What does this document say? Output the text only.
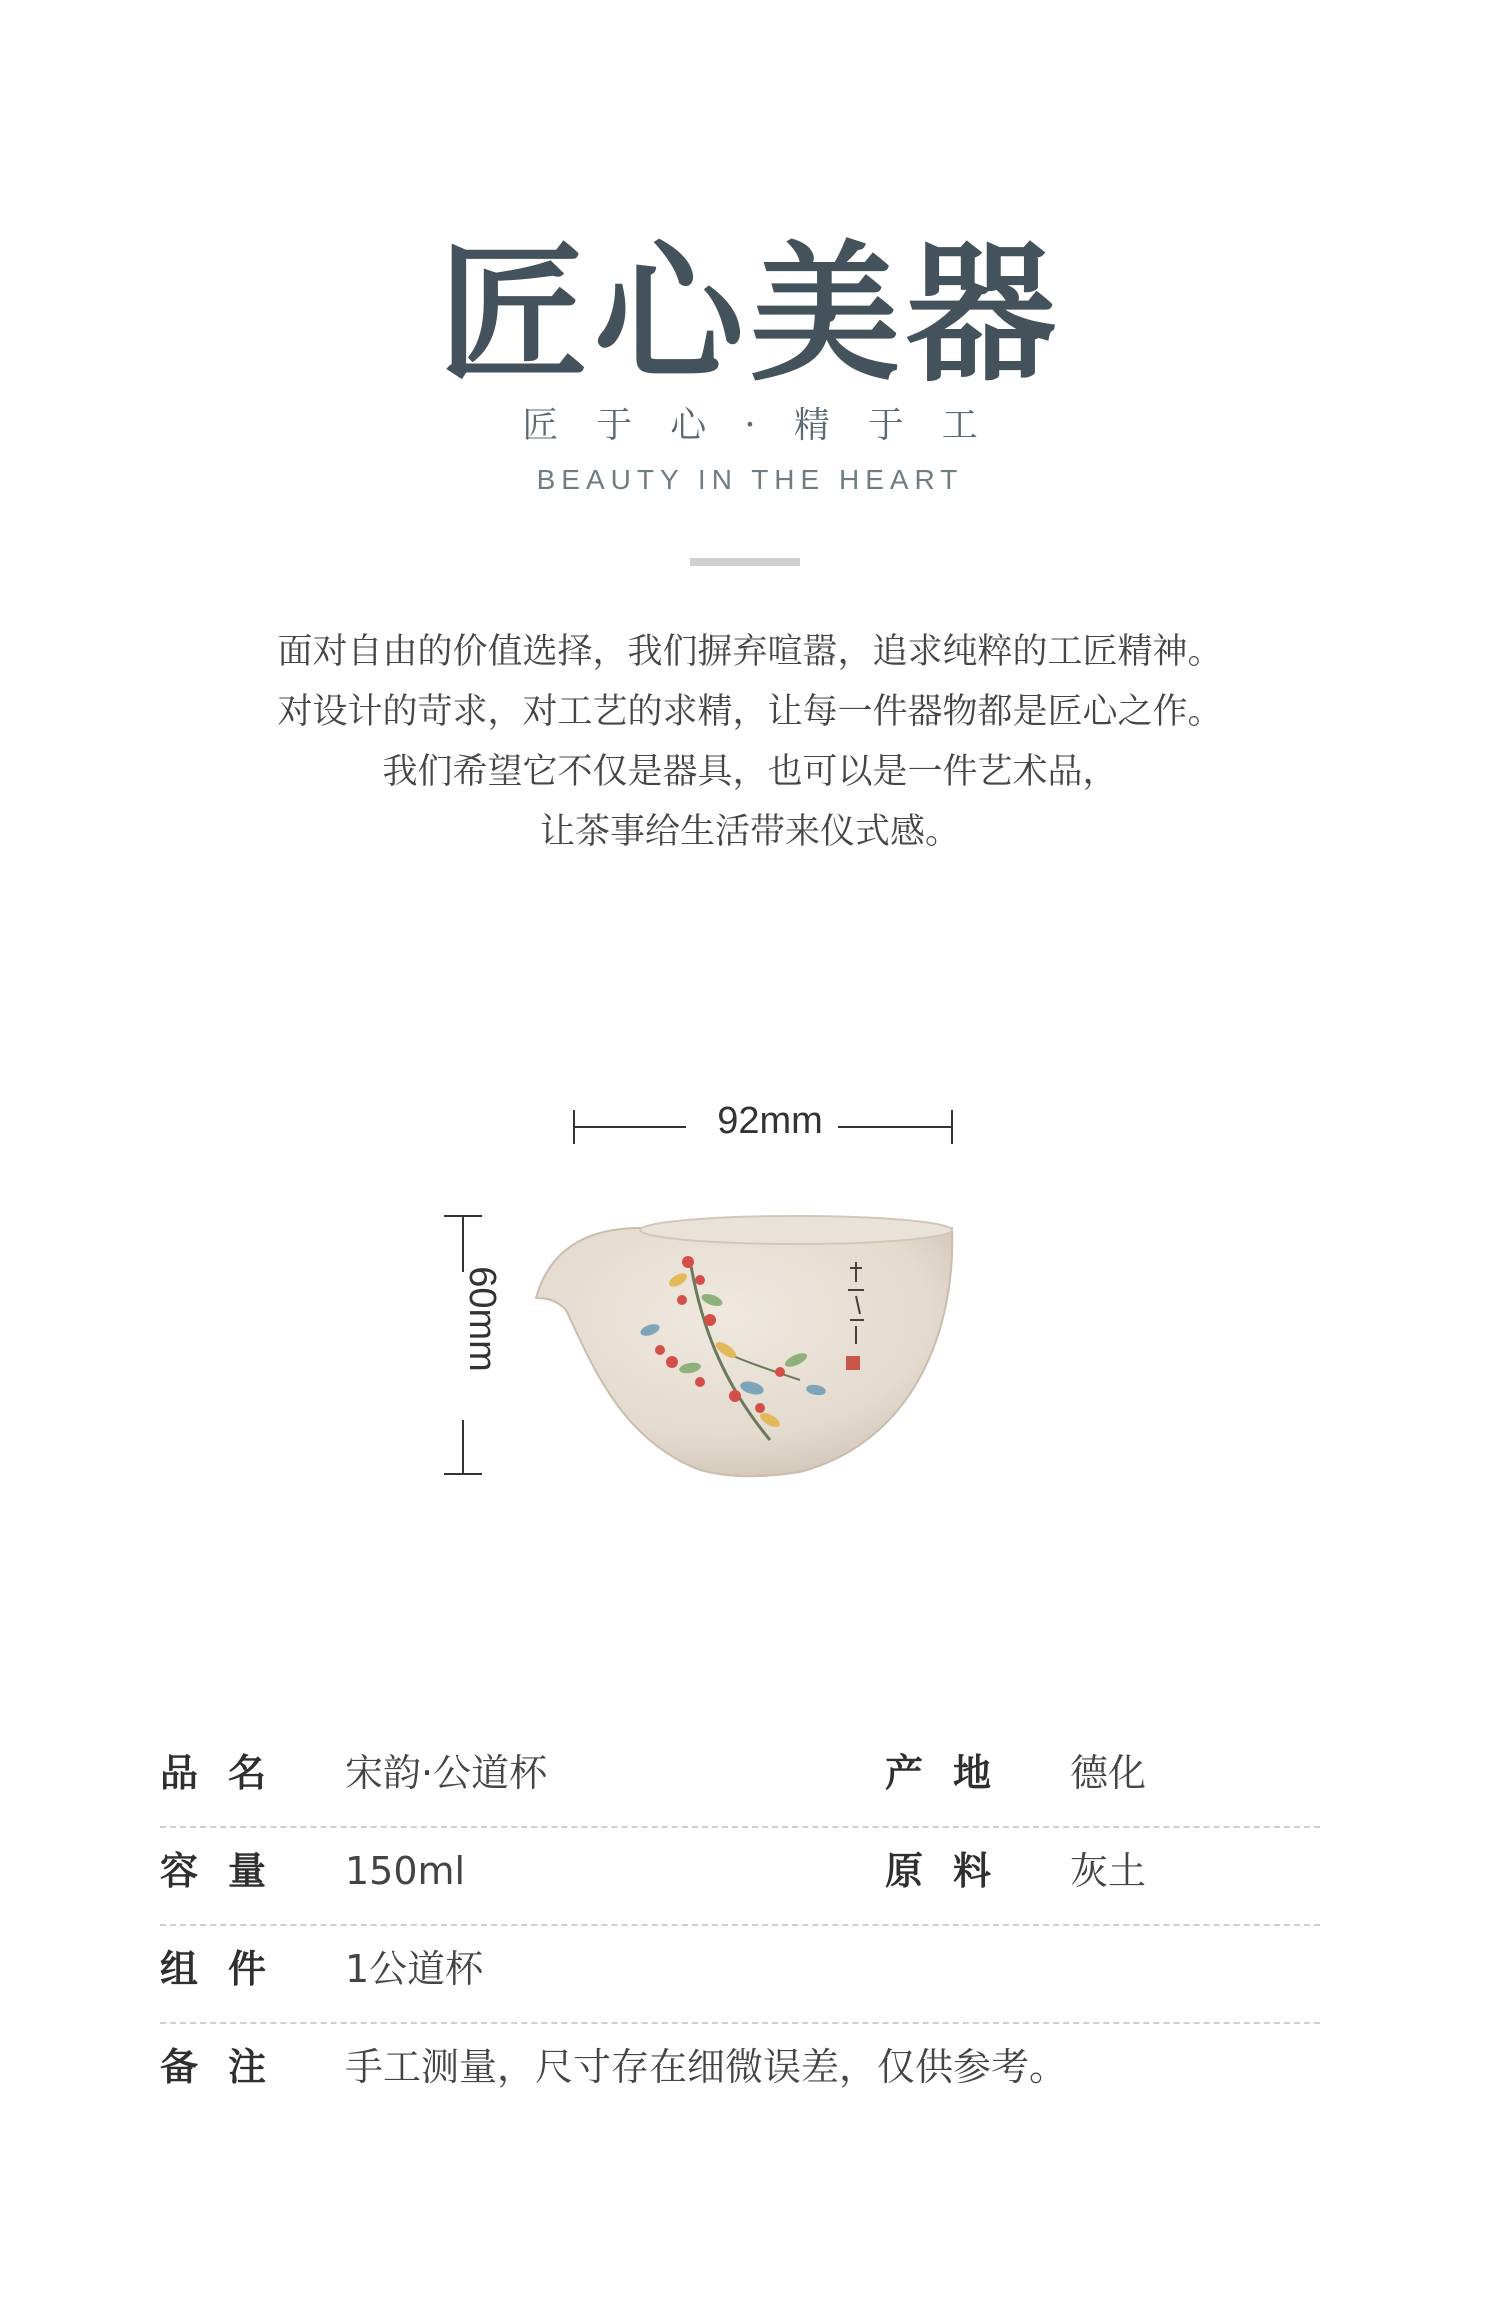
匠心美器
匠于心·精于工
BEAUTY IN THE HEART
面对自由的价值选择，我们摒弃喧嚣，追求纯粹的工匠精神。
对设计的苛求，对工艺的求精，让每一件器物都是匠心之作。
我们希望它不仅是器具，也可以是一件艺术品，
让茶事给生活带来仪式感。
92mm
60mm
品名 宋韵·公道杯	产地 德化
容量 150ml	原料 灰土
组件 1公道杯
备注 手工测量，尺寸存在细微误差，仅供参考。
